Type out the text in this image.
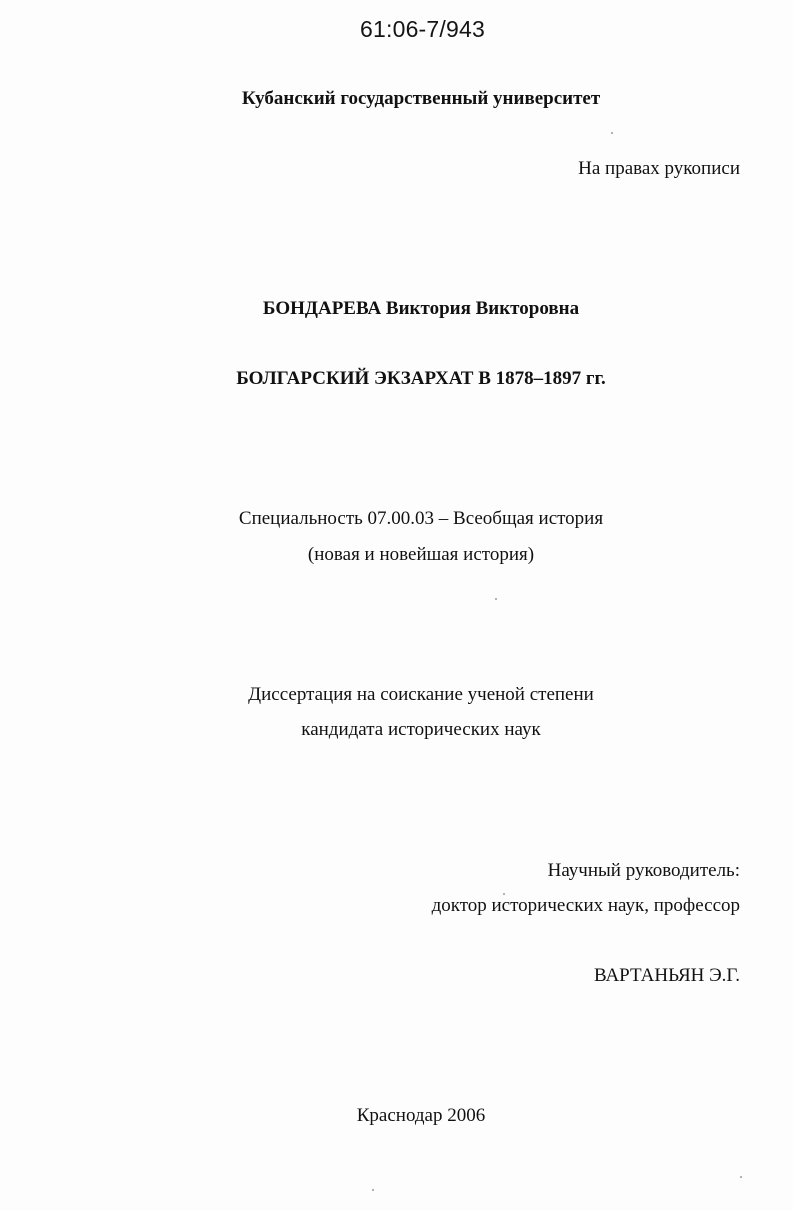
61:06-7/943
Кубанский государственный университет
На правах рукописи
БОНДАРЕВА Виктория Викторовна
БОЛГАРСКИЙ ЭКЗАРХАТ В 1878–1897 гг.
Специальность 07.00.03 – Всеобщая история
(новая и новейшая история)
Диссертация на соискание ученой степени
кандидата исторических наук
Научный руководитель:
доктор исторических наук, профессор
ВАРТАНЬЯН Э.Г.
Краснодар 2006
